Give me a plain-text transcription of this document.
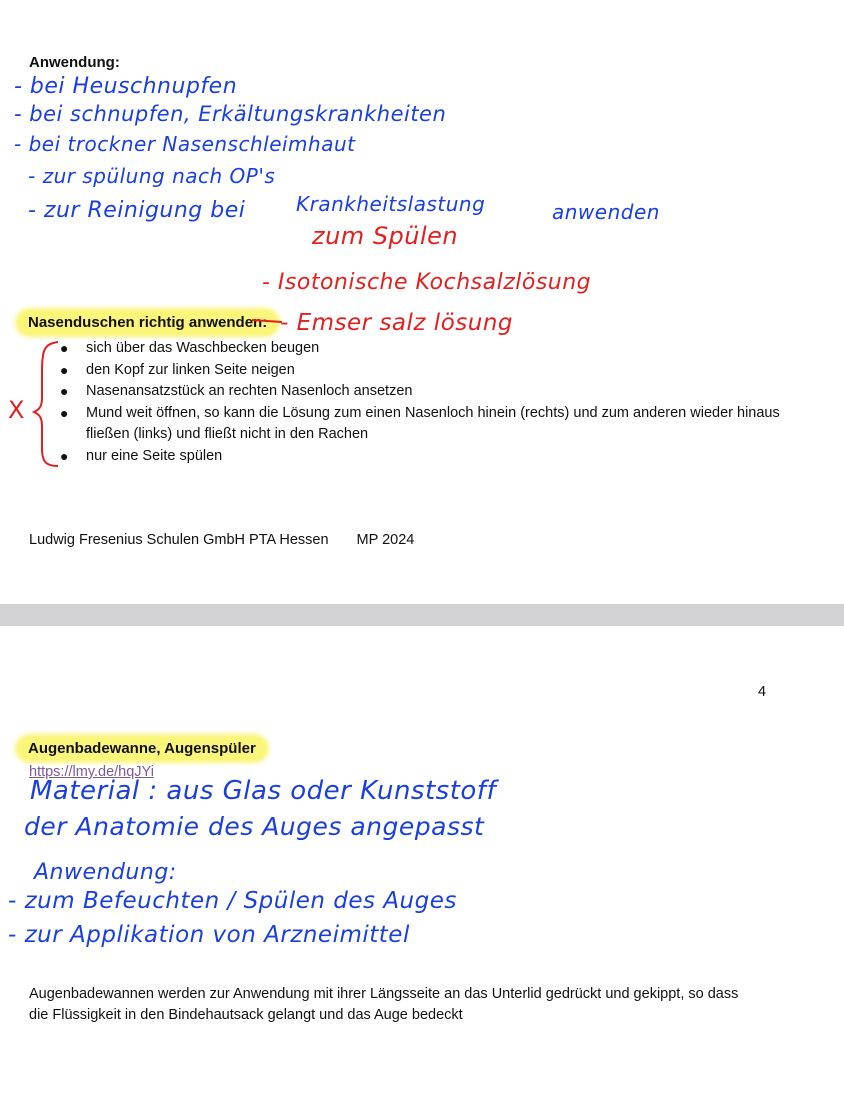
Anwendung:
- bei Heuschnupfen
- bei schnupfen, Erkältungskrankheiten
- bei trockner Nasenschleimhaut
- zur spülung nach OP's
- zur Reinigung bei	Krankheitslastung	anwenden
zum Spülen
- Isotonische Kochsalzlösung
- Emser salz lösung
X
Nasenduschen richtig anwenden:
● sich über das Waschbecken beugen
● den Kopf zur linken Seite neigen
● Nasenansatzstück an rechten Nasenloch ansetzen
● Mund weit öffnen, so kann die Lösung zum einen Nasenloch hinein (rechts) und zum anderen wieder hinaus fließen (links) und fließt nicht in den Rachen
● nur eine Seite spülen
Ludwig Fresenius Schulen GmbH PTA Hessen MP 2024
4
Augenbadewanne, Augenspüler
https://lmy.de/hqJYi
Material : aus Glas oder Kunststoff
der Anatomie des Auges angepasst
Anwendung:
- zum Befeuchten / Spülen des Auges
- zur Applikation von Arzneimittel
Augenbadewannen werden zur Anwendung mit ihrer Längsseite an das Unterlid gedrückt und gekippt, so dass die Flüssigkeit in den Bindehautsack gelangt und das Auge bedeckt
